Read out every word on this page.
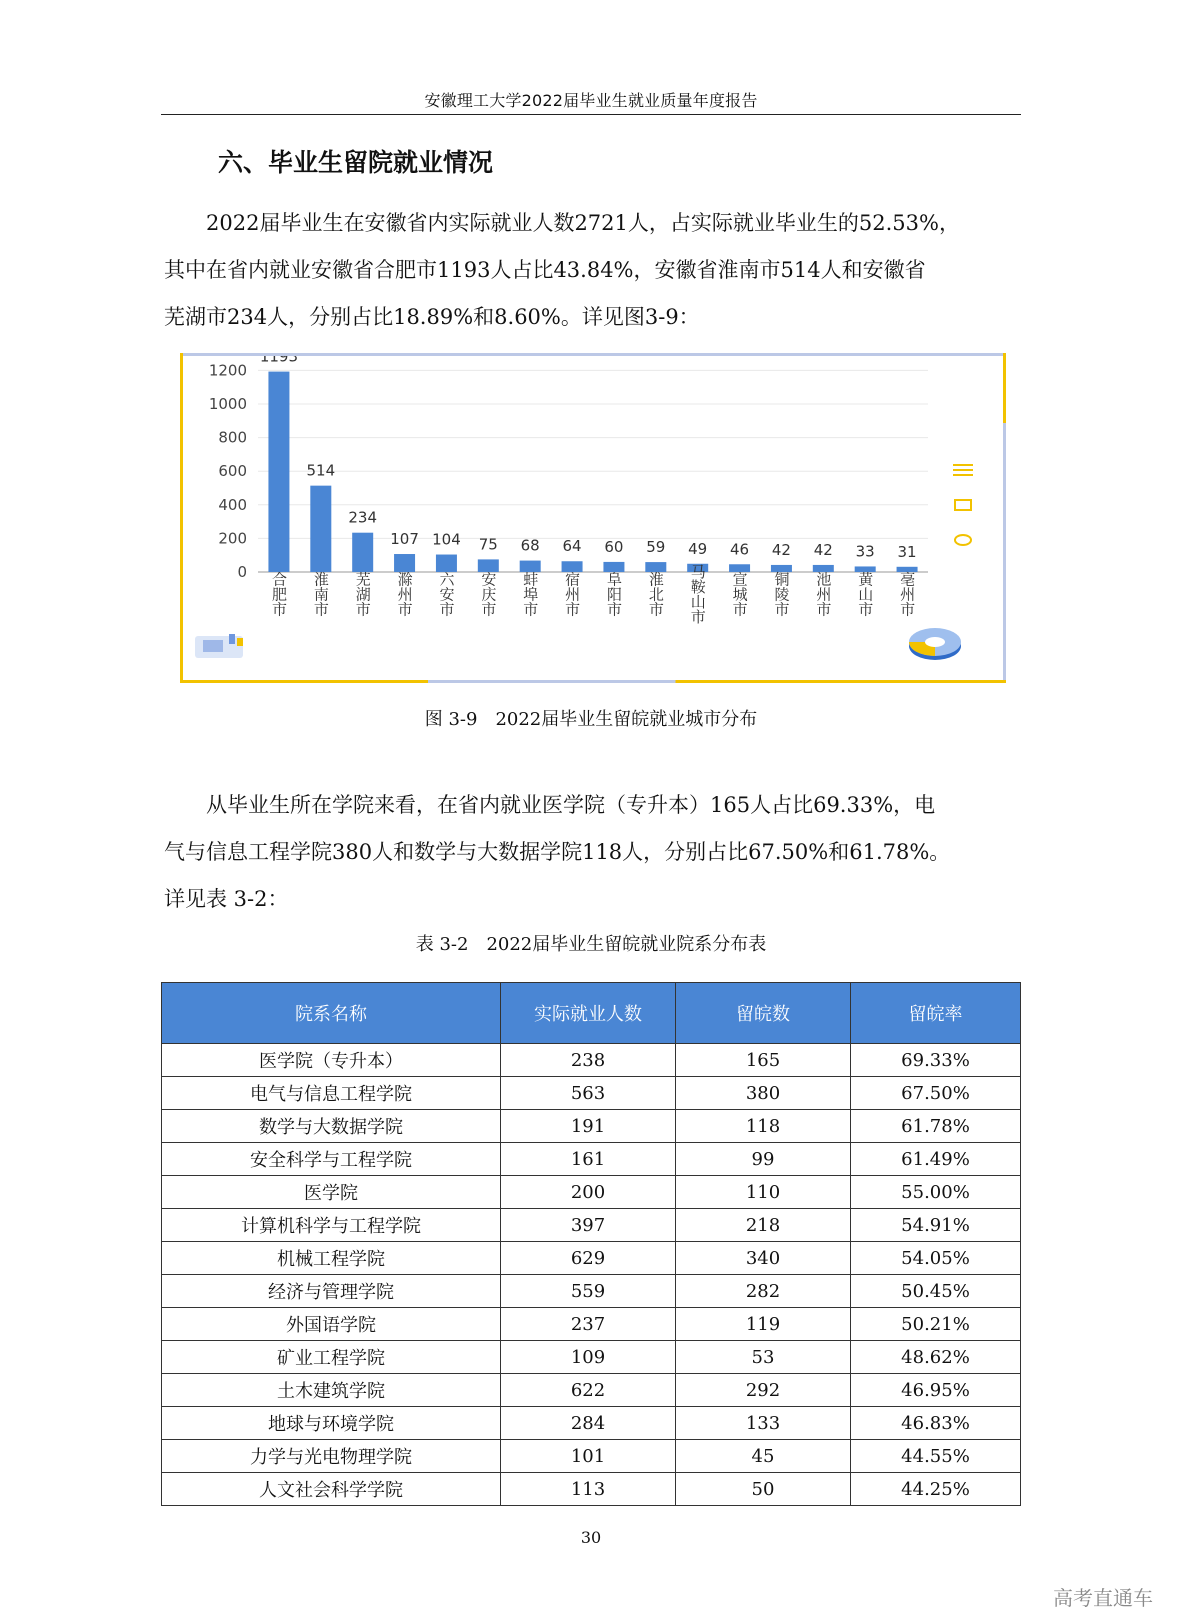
安徽理工大学2022届毕业生就业质量年度报告
六、毕业生留院就业情况

2022届毕业生在安徽省内实际就业人数2721人，占实际就业毕业生的52.53%，

其中在省内就业安徽省合肥市1193人占比43.84%，安徽省淮南市514人和安徽省

芜湖市234人，分别占比18.89%和8.60%。详见图3-9：

0
200
400
600
800
1000
1200
1193
514
234
107 104 75 68 64 60 59 49 46 42 42 33 31
合肥市 淮南市 芜湖市 滁州市 六安市 安庆市 蚌埠市 宿州市 阜阳市 淮北市 马鞍山市 宣城市 铜陵市 池州市 黄山市 亳州市
图 3-9　2022届毕业生留皖就业城市分布

从毕业生所在学院来看，在省内就业医学院（专升本）165人占比69.33%，电

气与信息工程学院380人和数学与大数据学院118人，分别占比67.50%和61.78%。

详见表 3-2：

表 3-2　2022届毕业生留皖就业院系分布表
院系名称	实际就业人数	留皖数	留皖率
医学院（专升本）	238	165	69.33%
电气与信息工程学院	563	380	67.50%
数学与大数据学院	191	118	61.78%
安全科学与工程学院	161	99	61.49%
医学院	200	110	55.00%
计算机科学与工程学院	397	218	54.91%
机械工程学院	629	340	54.05%
经济与管理学院	559	282	50.45%
外国语学院	237	119	50.21%
矿业工程学院	109	53	48.62%
土木建筑学院	622	292	46.95%
地球与环境学院	284	133	46.83%
力学与光电物理学院	101	45	44.55%
人文社会科学学院	113	50	44.25%
30
高考直通车
